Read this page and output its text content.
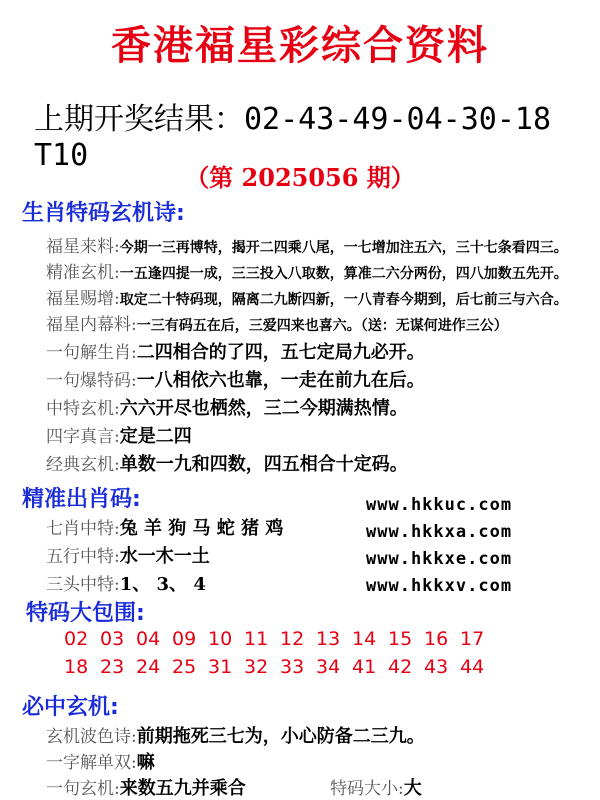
香港福星彩综合资料
上期开奖结果：02-43-49-04-30-18 T10
（第 2025056 期）
生肖特码玄机诗:
福星来料:今期一三再博特，揭开二四乘八尾，一七增加注五六，三十七条看四三。
精准玄机:一五逢四提一成，三三投入八取数，算准二六分两份，四八加数五先开。
福星赐增:取定二十特码现，隔离二九断四新，一八青春今期到，后七前三与六合。
福星内幕料:一三有码五在后，三爱四来也喜六。（送：无谋何进作三公）
一句解生肖:二四相合的了四，五七定局九必开。
一句爆特码:一八相依六也靠，一走在前九在后。
中特玄机:六六开尽也栖然，三二今期满热情。
四字真言:定是二四
经典玄机:单数一九和四数，四五相合十定码。
精准出肖码:
七肖中特:兔 羊 狗 马 蛇 猪 鸡
五行中特:水一木一土
三头中特:1、 3、 4
www.hkkuc.com
www.hkkxa.com
www.hkkxe.com
www.hkkxv.com
特码大包围:
02 03 04 09 10 11 12 13 14 15 16 17
18 23 24 25 31 32 33 34 41 42 43 44
必中玄机:
玄机波色诗:前期拖死三七为，小心防备二三九。
一字解单双:嘛
一句玄机:来数五九并乘合	特码大小:大
